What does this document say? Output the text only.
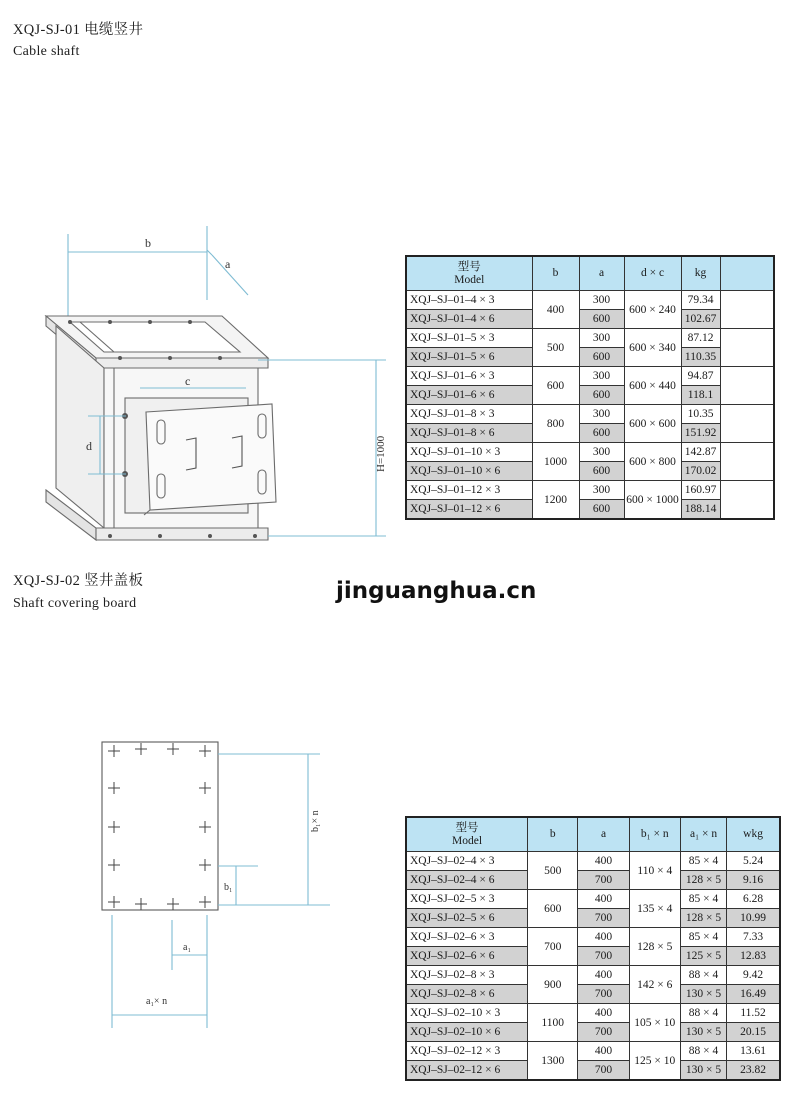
XQJ-SJ-01 电缆竖井
Cable shaft
b
a
c
d	H=1000
b₁× n
b₁
a₁
a₁× n
型号
Model	b	a	d × c	kg	
XQJ–SJ–01–4 × 3	400	300	600 × 240	79.34	
XQJ–SJ–01–4 × 6		600		102.67	
XQJ–SJ–01–5 × 3	500	300	600 × 340	87.12	
XQJ–SJ–01–5 × 6		600		110.35	
XQJ–SJ–01–6 × 3	600	300	600 × 440	94.87	
XQJ–SJ–01–6 × 6		600		118.1	
XQJ–SJ–01–8 × 3	800	300	600 × 600	10.35	
XQJ–SJ–01–8 × 6		600		151.92	
XQJ–SJ–01–10 × 3	1000	300	600 × 800	142.87	
XQJ–SJ–01–10 × 6		600		170.02	
XQJ–SJ–01–12 × 3	1200	300	600 × 1000	160.97	
XQJ–SJ–01–12 × 6		600		188.14	
XQJ-SJ-02 竖井盖板
Shaft covering board	jinguanghua.cn
型号
Model	b	a	b₁ × n	a₁ × n	wkg
XQJ–SJ–02–4 × 3	500	400	110 × 4	85 × 4	5.24
XQJ–SJ–02–4 × 6		700		128 × 5	9.16
XQJ–SJ–02–5 × 3	600	400	135 × 4	85 × 4	6.28
XQJ–SJ–02–5 × 6		700		128 × 5	10.99
XQJ–SJ–02–6 × 3	700	400	128 × 5	85 × 4	7.33
XQJ–SJ–02–6 × 6		700		125 × 5	12.83
XQJ–SJ–02–8 × 3	900	400	142 × 6	88 × 4	9.42
XQJ–SJ–02–8 × 6		700		130 × 5	16.49
XQJ–SJ–02–10 × 3	1100	400	105 × 10	88 × 4	11.52
XQJ–SJ–02–10 × 6		700		130 × 5	20.15
XQJ–SJ–02–12 × 3	1300	400	125 × 10	88 × 4	13.61
XQJ–SJ–02–12 × 6		700		130 × 5	23.82
